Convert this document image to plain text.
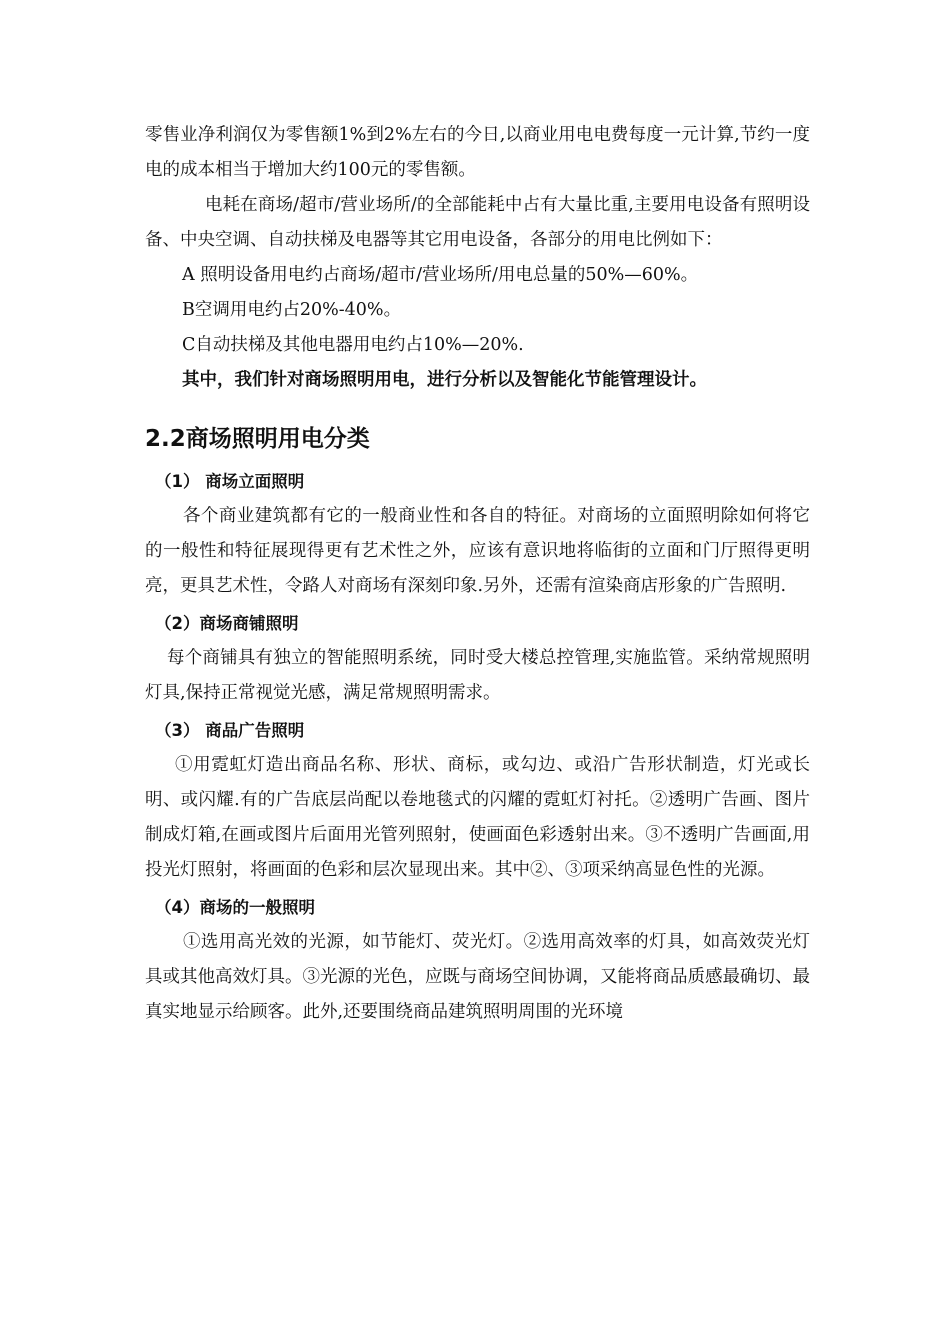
零售业净利润仅为零售额1%到2%左右的今日,以商业用电电费每度一元计算,节约一度电的成本相当于增加大约100元的零售额。

电耗在商场/超市/营业场所/的全部能耗中占有大量比重,主要用电设备有照明设备、中央空调、自动扶梯及电器等其它用电设备，各部分的用电比例如下：

A 照明设备用电约占商场/超市/营业场所/用电总量的50%—60%。

B空调用电约占20%-40%。

C自动扶梯及其他电器用电约占10%—20%.

其中，我们针对商场照明用电，进行分析以及智能化节能管理设计。

2.2商场照明用电分类

（1） 商场立面照明

各个商业建筑都有它的一般商业性和各自的特征。对商场的立面照明除如何将它的一般性和特征展现得更有艺术性之外，应该有意识地将临街的立面和门厅照得更明亮，更具艺术性，令路人对商场有深刻印象.另外，还需有渲染商店形象的广告照明.

（2）商场商铺照明

每个商铺具有独立的智能照明系统，同时受大楼总控管理,实施监管。采纳常规照明灯具,保持正常视觉光感，满足常规照明需求。

（3） 商品广告照明

①用霓虹灯造出商品名称、形状、商标，或勾边、或沿广告形状制造，灯光或长明、或闪耀.有的广告底层尚配以卷地毯式的闪耀的霓虹灯衬托。②透明广告画、图片制成灯箱,在画或图片后面用光管列照射，使画面色彩透射出来。③不透明广告画面,用投光灯照射，将画面的色彩和层次显现出来。其中②、③项采纳高显色性的光源。

（4）商场的一般照明

①选用高光效的光源，如节能灯、荧光灯。②选用高效率的灯具，如高效荧光灯具或其他高效灯具。③光源的光色，应既与商场空间协调，又能将商品质感最确切、最真实地显示给顾客。此外,还要围绕商品建筑照明周围的光环境
